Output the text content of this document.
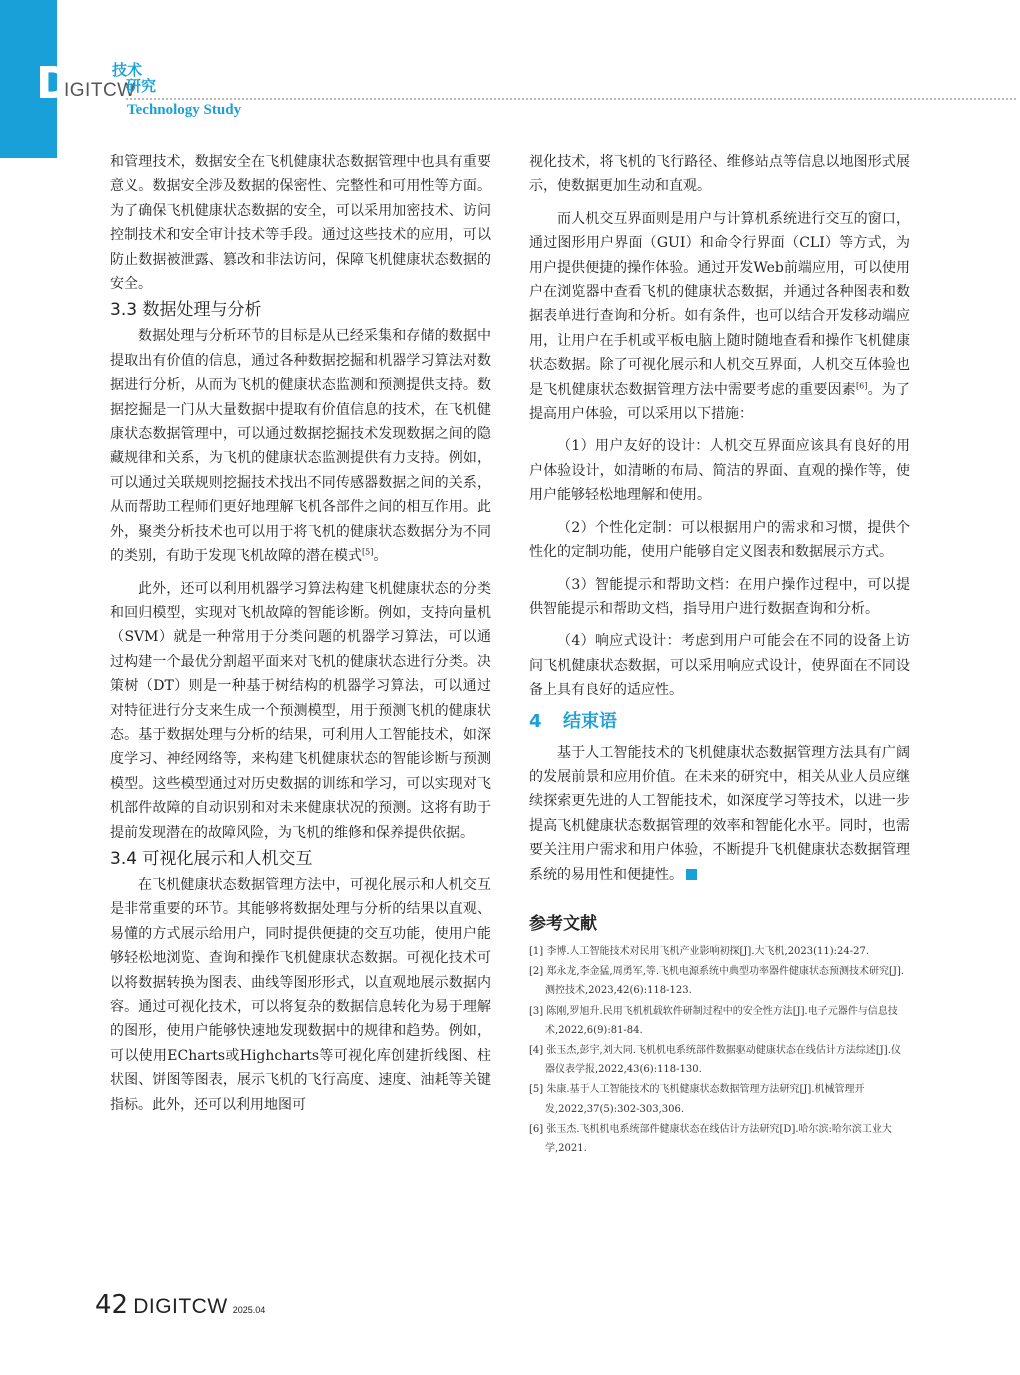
D
IGITCW
技术
研究
Technology Study

和管理技术，数据安全在飞机健康状态数据管理中也具有重要意义。数据安全涉及数据的保密性、完整性和可用性等方面。为了确保飞机健康状态数据的安全，可以采用加密技术、访问控制技术和安全审计技术等手段。通过这些技术的应用，可以防止数据被泄露、篡改和非法访问，保障飞机健康状态数据的安全。

3.3 数据处理与分析

数据处理与分析环节的目标是从已经采集和存储的数据中提取出有价值的信息，通过各种数据挖掘和机器学习算法对数据进行分析，从而为飞机的健康状态监测和预测提供支持。数据挖掘是一门从大量数据中提取有价值信息的技术，在飞机健康状态数据管理中，可以通过数据挖掘技术发现数据之间的隐藏规律和关系，为飞机的健康状态监测提供有力支持。例如，可以通过关联规则挖掘技术找出不同传感器数据之间的关系，从而帮助工程师们更好地理解飞机各部件之间的相互作用。此外，聚类分析技术也可以用于将飞机的健康状态数据分为不同的类别，有助于发现飞机故障的潜在模式[5]。

此外，还可以利用机器学习算法构建飞机健康状态的分类和回归模型，实现对飞机故障的智能诊断。例如，支持向量机（SVM）就是一种常用于分类问题的机器学习算法，可以通过构建一个最优分割超平面来对飞机的健康状态进行分类。决策树（DT）则是一种基于树结构的机器学习算法，可以通过对特征进行分支来生成一个预测模型，用于预测飞机的健康状态。基于数据处理与分析的结果，可利用人工智能技术，如深度学习、神经网络等，来构建飞机健康状态的智能诊断与预测模型。这些模型通过对历史数据的训练和学习，可以实现对飞机部件故障的自动识别和对未来健康状况的预测。这将有助于提前发现潜在的故障风险，为飞机的维修和保养提供依据。

3.4 可视化展示和人机交互

在飞机健康状态数据管理方法中，可视化展示和人机交互是非常重要的环节。其能够将数据处理与分析的结果以直观、易懂的方式展示给用户，同时提供便捷的交互功能，使用户能够轻松地浏览、查询和操作飞机健康状态数据。可视化技术可以将数据转换为图表、曲线等图形形式，以直观地展示数据内容。通过可视化技术，可以将复杂的数据信息转化为易于理解的图形，使用户能够快速地发现数据中的规律和趋势。例如，可以使用ECharts或Highcharts等可视化库创建折线图、柱状图、饼图等图表，展示飞机的飞行高度、速度、油耗等关键指标。此外，还可以利用地图可

视化技术，将飞机的飞行路径、维修站点等信息以地图形式展示，使数据更加生动和直观。

而人机交互界面则是用户与计算机系统进行交互的窗口，通过图形用户界面（GUI）和命令行界面（CLI）等方式，为用户提供便捷的操作体验。通过开发Web前端应用，可以使用户在浏览器中查看飞机的健康状态数据，并通过各种图表和数据表单进行查询和分析。如有条件，也可以结合开发移动端应用，让用户在手机或平板电脑上随时随地查看和操作飞机健康状态数据。除了可视化展示和人机交互界面，人机交互体验也是飞机健康状态数据管理方法中需要考虑的重要因素[6]。为了提高用户体验，可以采用以下措施：

（1）用户友好的设计：人机交互界面应该具有良好的用户体验设计，如清晰的布局、简洁的界面、直观的操作等，使用户能够轻松地理解和使用。

（2）个性化定制：可以根据用户的需求和习惯，提供个性化的定制功能，使用户能够自定义图表和数据展示方式。

（3）智能提示和帮助文档：在用户操作过程中，可以提供智能提示和帮助文档，指导用户进行数据查询和分析。

（4）响应式设计：考虑到用户可能会在不同的设备上访问飞机健康状态数据，可以采用响应式设计，使界面在不同设备上具有良好的适应性。

4 结束语

基于人工智能技术的飞机健康状态数据管理方法具有广阔的发展前景和应用价值。在未来的研究中，相关从业人员应继续探索更先进的人工智能技术，如深度学习等技术，以进一步提高飞机健康状态数据管理的效率和智能化水平。同时，也需要关注用户需求和用户体验，不断提升飞机健康状态数据管理系统的易用性和便捷性。

参考文献

[1] 李博.人工智能技术对民用飞机产业影响初探[J].大飞机,2023(11):24-27.

[2] 郑永龙,李金猛,周勇军,等.飞机电源系统中典型功率器件健康状态预测技术研究[J].测控技术,2023,42(6):118-123.

[3] 陈刚,罗旭升.民用飞机机载软件研制过程中的安全性方法[J].电子元器件与信息技术,2022,6(9):81-84.

[4] 张玉杰,彭宇,刘大同.飞机机电系统部件数据驱动健康状态在线估计方法综述[J].仪器仪表学报,2022,43(6):118-130.

[5] 朱康.基于人工智能技术的飞机健康状态数据管理方法研究[J].机械管理开发,2022,37(5):302-303,306.

[6] 张玉杰.飞机机电系统部件健康状态在线估计方法研究[D].哈尔滨:哈尔滨工业大学,2021.

42 DIGITCW 2025.04
